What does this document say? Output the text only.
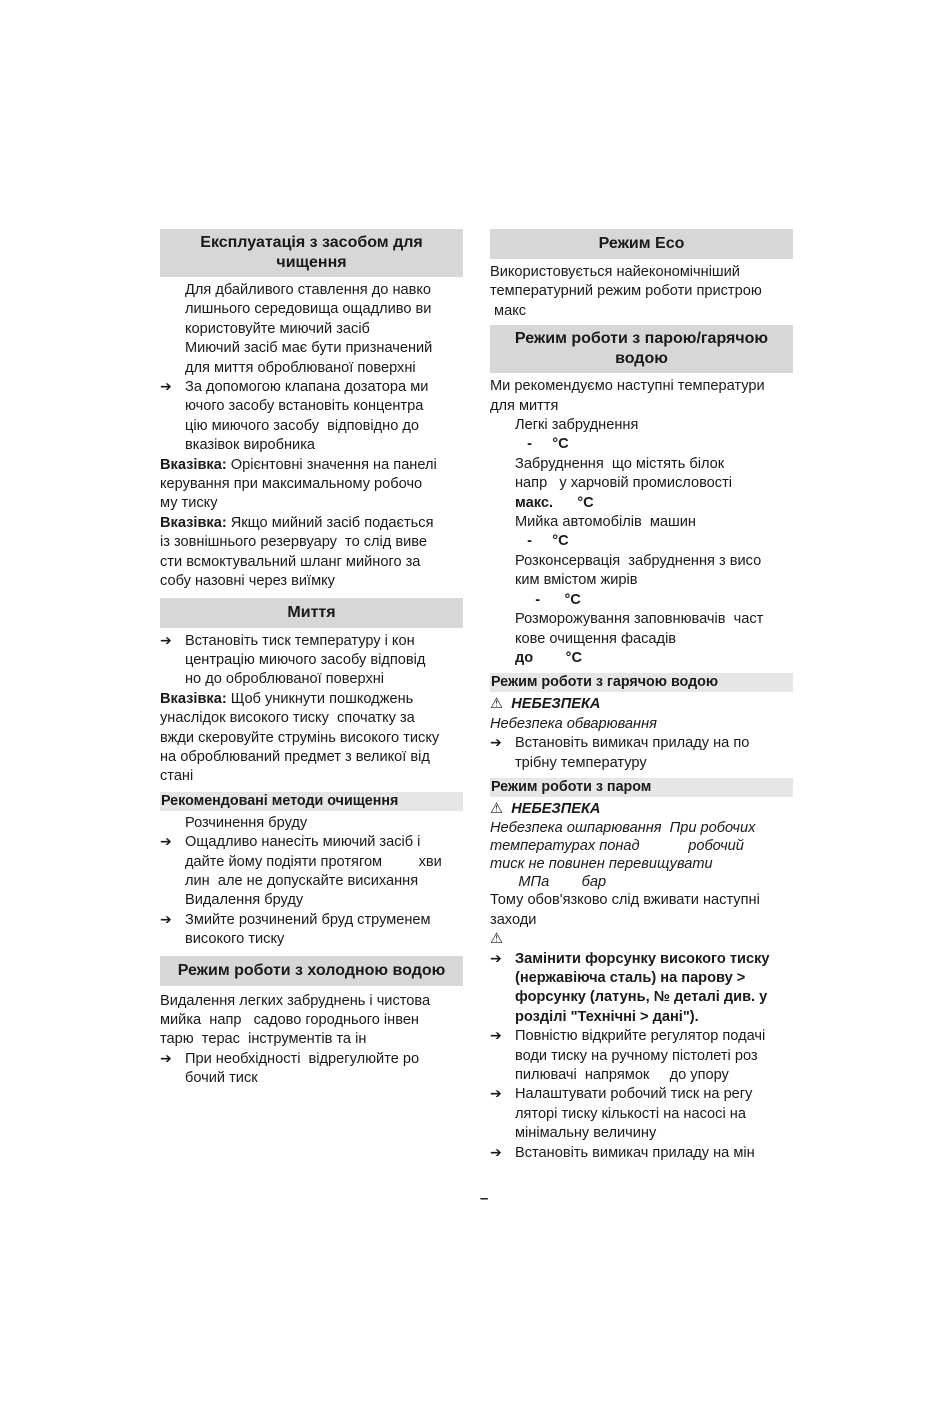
Експлуатація з засобом для
чищення
Для дбайливого ставлення до навко
лишнього середовища ощадливо ви
користовуйте миючий засіб
Миючий засіб має бути призначений
для миття оброблюваної поверхні
➔ За допомогою клапана дозатора ми
ючого засобу встановіть концентра
цію миючого засобу  відповідно до
вказівок виробника
Вказівка: Орієнтовні значення на панелі
керування при максимальному робочо
му тиску
Вказівка: Якщо мийний засіб подається
із зовнішнього резервуару  то слід виве
сти всмоктувальний шланг мийного за
собу назовні через виїмку
Миття
➔ Встановіть тиск температуру і кон
центрацію миючого засобу відповід
но до оброблюваної поверхні
Вказівка: Щоб уникнути пошкоджень
унаслідок високого тиску  спочатку за
вжди скеровуйте струмінь високого тиску
на оброблюваний предмет з великої від
стані
Рекомендовані методи очищення
Розчинення бруду
➔ Ощадливо нанесіть миючий засіб і
дайте йому подіяти протягом         хви
лин  але не допускайте висихання
Видалення бруду
➔ Змийте розчинений бруд струменем
високого тиску
Режим роботи з холодною водою
Видалення легких забруднень і чистова
мийка  напр   садово городнього інвен
тарю  терас  інструментів та ін
➔ При необхідності  відрегулюйте ро
бочий тиск
Режим Eco
Використовується найекономічніший
температурний режим роботи пристрою
макс
Режим роботи з парою/гарячою
водою
Ми рекомендуємо наступні температури
для миття
Легкі забруднення
-     °C
Забруднення  що містять білок
напр   у харчовій промисловості
макс.      °C
Мийка автомобілів  машин
-     °C
Розконсервація  забруднення з висо
ким вмістом жирів
-      °C
Розморожування заповнювачів  част
кове очищення фасадів
до        °C
Режим роботи з гарячою водою
⚠ НЕБЕЗПЕКА
Небезпека обварювання
➔ Встановіть вимикач приладу на по
трібну температуру
Режим роботи з паром
⚠ НЕБЕЗПЕКА
Небезпека ошпарювання  При робочих
температурах понад            робочий
тиск не повинен перевищувати
МПа        бар
Тому обов'язково слід вживати наступні
заходи
⚠
➔ Замінити форсунку високого тиску
(нержавіюча сталь) на парову >
форсунку (латунь, № деталі див. у
розділі "Технічні > дані").
➔ Повністю відкрийте регулятор подачі
води тиску на ручному пістолеті роз
пилювачі  напрямок     до упору
➔ Налаштувати робочий тиск на регу
ляторі тиску кількості на насосі на
мінімальну величину
➔ Встановіть вимикач приладу на мін
–
